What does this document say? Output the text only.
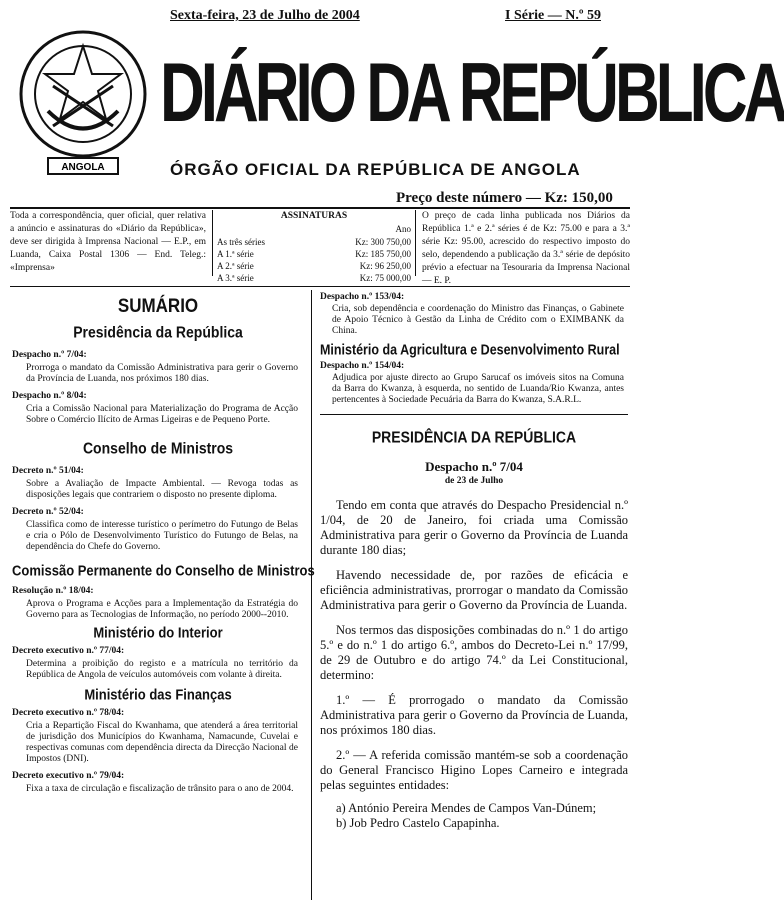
Sexta-feira, 23 de Julho de 2004	I Série — N.º 59
ANGOLA
DIÁRIO DA REPÚBLICA
ÓRGÃO OFICIAL DA REPÚBLICA DE ANGOLA
Preço deste número — Kz: 150,00
Toda a correspondência, quer oficial, quer relativa a anúncio e assinaturas do «Diário da República», deve ser dirigida à Imprensa Nacional — E.P., em Luanda, Caixa Postal 1306 — End. Teleg.: «Imprensa»
ASSINATURAS
Ano
As três séries	Kz: 300 750,00
A 1.ª série	Kz: 185 750,00
A 2.ª série	Kz: 96 250,00
A 3.ª série	Kz: 75 000,00
O preço de cada linha publicada nos Diários da República 1.ª e 2.ª séries é de Kz: 75.00 e para a 3.ª série Kz: 95.00, acrescido do respectivo imposto do selo, dependendo a publicação da 3.ª série de depósito prévio a efectuar na Tesouraria da Imprensa Nacional — E. P.
SUMÁRIO
Presidência da República
Despacho n.º 7/04:
Prorroga o mandato da Comissão Administrativa para gerir o Governo da Província de Luanda, nos próximos 180 dias.
Despacho n.º 8/04:
Cria a Comissão Nacional para Materialização do Programa de Acção Sobre o Comércio Ilícito de Armas Ligeiras e de Pequeno Porte.
Conselho de Ministros
Decreto n.º 51/04:
Sobre a Avaliação de Impacte Ambiental. — Revoga todas as disposições legais que contrariem o disposto no presente diploma.
Decreto n.º 52/04:
Classifica como de interesse turístico o perímetro do Futungo de Belas e cria o Pólo de Desenvolvimento Turístico do Futungo de Belas, na dependência do Chefe do Governo.
Comissão Permanente do Conselho de Ministros
Resolução n.º 18/04:
Aprova o Programa e Acções para a Implementação da Estratégia do Governo para as Tecnologias de Informação, no período 2000--2010.
Ministério do Interior
Decreto executivo n.º 77/04:
Determina a proibição do registo e a matrícula no território da República de Angola de veículos automóveis com volante à direita.
Ministério das Finanças
Decreto executivo n.º 78/04:
Cria a Repartição Fiscal do Kwanhama, que atenderá a área territorial de jurisdição dos Municípios do Kwanhama, Namacunde, Cuvelai e respectivas comunas com dependência directa da Direcção Nacional de Impostos (DNI).
Decreto executivo n.º 79/04:
Fixa a taxa de circulação e fiscalização de trânsito para o ano de 2004.
Despacho n.º 153/04:
Cria, sob dependência e coordenação do Ministro das Finanças, o Gabinete de Apoio Técnico à Gestão da Linha de Crédito com o EXIMBANK da China.
Ministério da Agricultura e Desenvolvimento Rural
Despacho n.º 154/04:
Adjudica por ajuste directo ao Grupo Sarucaf os imóveis sitos na Comuna da Barra do Kwanza, à esquerda, no sentido de Luanda/Rio Kwanza, antes pertencentes à Sociedade Pecuária da Barra do Kwanza, S.A.R.L.
PRESIDÊNCIA DA REPÚBLICA
Despacho n.º 7/04
de 23 de Julho
Tendo em conta que através do Despacho Presidencial n.º 1/04, de 20 de Janeiro, foi criada uma Comissão Administrativa para gerir o Governo da Província de Luanda durante 180 dias;
Havendo necessidade de, por razões de eficácia e eficiência administrativas, prorrogar o mandato da Comissão Administrativa para gerir o Governo da Província de Luanda.
Nos termos das disposições combinadas do n.º 1 do artigo 5.º e do n.º 1 do artigo 6.º, ambos do Decreto-Lei n.º 17/99, de 29 de Outubro e do artigo 74.º da Lei Constitucional, determino:
1.º — É prorrogado o mandato da Comissão Administrativa para gerir o Governo da Província de Luanda, nos próximos 180 dias.
2.º — A referida comissão mantém-se sob a coordenação do General Francisco Higino Lopes Carneiro e integrada pelas seguintes entidades:
a) António Pereira Mendes de Campos Van-Dúnem;
b) Job Pedro Castelo Capapinha.
